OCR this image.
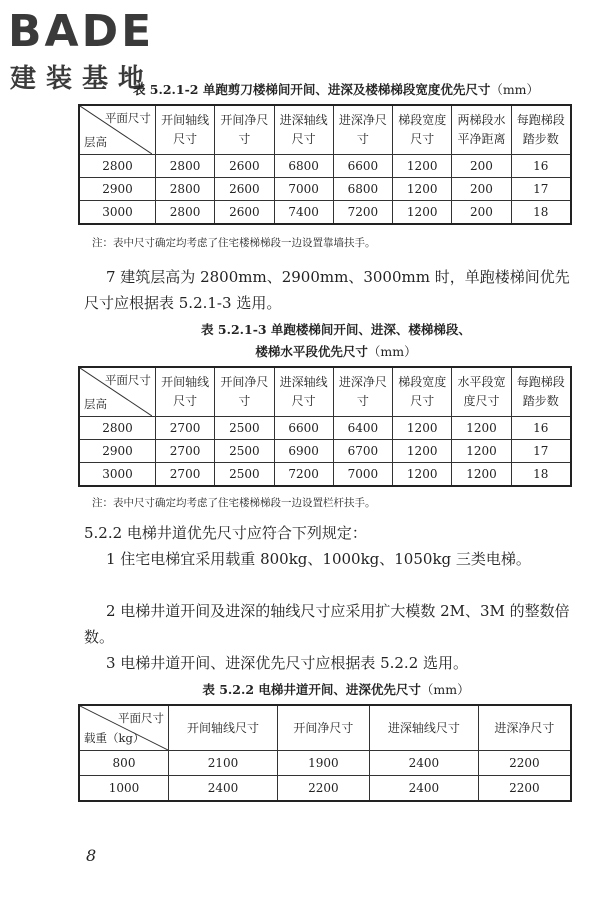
BADE
建装基地
表 5.2.1-2 单跑剪刀楼梯间开间、进深及楼梯梯段宽度优先尺寸（mm）
平面尺寸
层高	开间轴线尺寸	开间净尺寸	进深轴线尺寸	进深净尺寸	梯段宽度尺寸	两梯段水平净距离	每跑梯段踏步数
2800	2800	2600	6800	6600	1200	200	16
2900	2800	2600	7000	6800	1200	200	17
3000	2800	2600	7400	7200	1200	200	18
注：表中尺寸确定均考虑了住宅楼梯梯段一边设置靠墙扶手。
7 建筑层高为 2800mm、2900mm、3000mm 时，单跑楼梯间优先尺寸应根据表 5.2.1-3 选用。
表 5.2.1-3 单跑楼梯间开间、进深、楼梯梯段、
楼梯水平段优先尺寸（mm）
平面尺寸
层高	开间轴线尺寸	开间净尺寸	进深轴线尺寸	进深净尺寸	梯段宽度尺寸	水平段宽度尺寸	每跑梯段踏步数
2800	2700	2500	6600	6400	1200	1200	16
2900	2700	2500	6900	6700	1200	1200	17
3000	2700	2500	7200	7000	1200	1200	18
注：表中尺寸确定均考虑了住宅楼梯梯段一边设置栏杆扶手。
5.2.2 电梯井道优先尺寸应符合下列规定：
1 住宅电梯宜采用载重 800kg、1000kg、1050kg 三类电梯。
2 电梯井道开间及进深的轴线尺寸应采用扩大模数 2M、3M 的整数倍数。
3 电梯井道开间、进深优先尺寸应根据表 5.2.2 选用。
表 5.2.2 电梯井道开间、进深优先尺寸（mm）
平面尺寸
载重（kg）	开间轴线尺寸	开间净尺寸	进深轴线尺寸	进深净尺寸
800	2100	1900	2400	2200
1000	2400	2200	2400	2200
8
